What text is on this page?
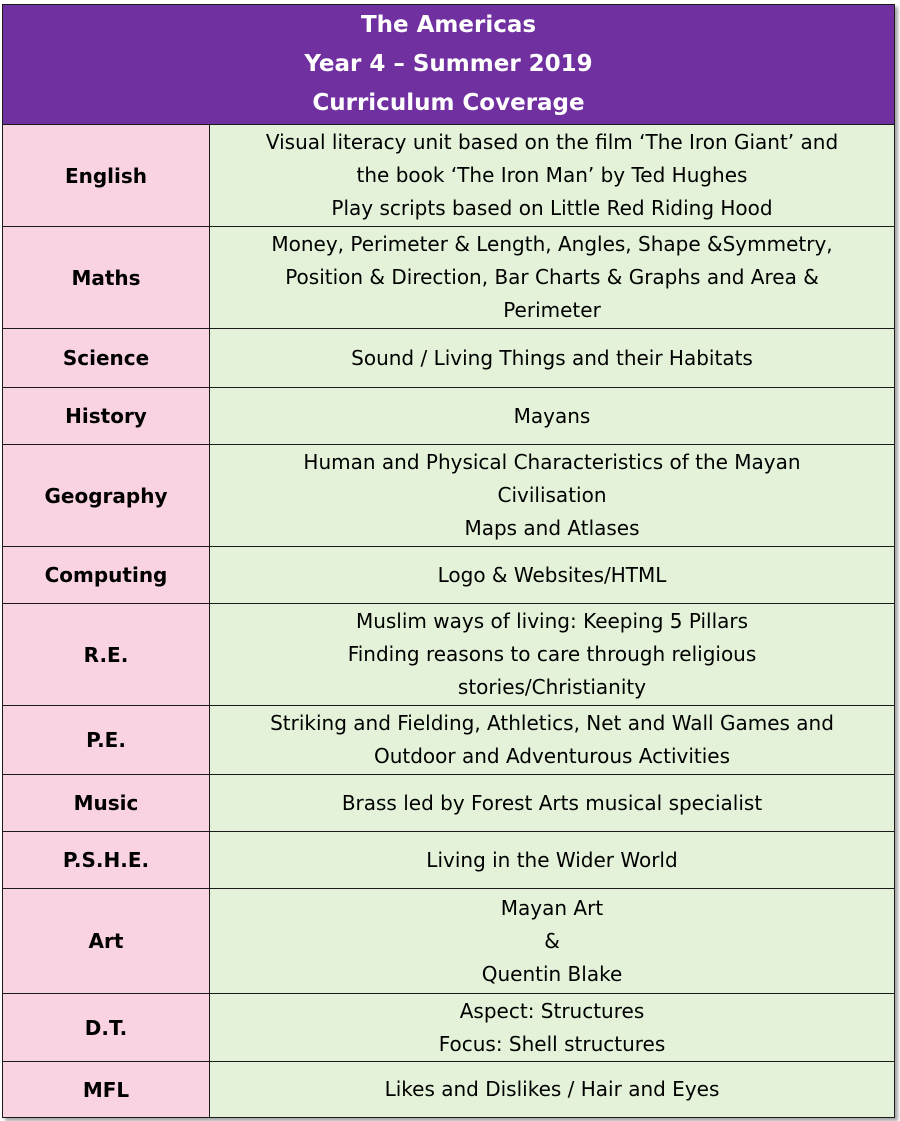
The Americas
Year 4 – Summer 2019
Curriculum Coverage	

English	Visual literacy unit based on the film ‘The Iron Giant’ and
the book ‘The Iron Man’ by Ted Hughes
Play scripts based on Little Red Riding Hood

Maths	Money, Perimeter & Length, Angles, Shape &Symmetry,
Position & Direction, Bar Charts & Graphs and Area &
Perimeter

Science	Sound / Living Things and their Habitats

History	Mayans

Geography	Human and Physical Characteristics of the Mayan
Civilisation
Maps and Atlases

Computing	Logo & Websites/HTML

R.E.	Muslim ways of living: Keeping 5 Pillars
Finding reasons to care through religious
stories/Christianity

P.E.	Striking and Fielding, Athletics, Net and Wall Games and
Outdoor and Adventurous Activities

Music	Brass led by Forest Arts musical specialist

P.S.H.E.	Living in the Wider World

Art	Mayan Art
&
Quentin Blake

D.T.	Aspect: Structures
Focus: Shell structures

MFL	Likes and Dislikes / Hair and Eyes
